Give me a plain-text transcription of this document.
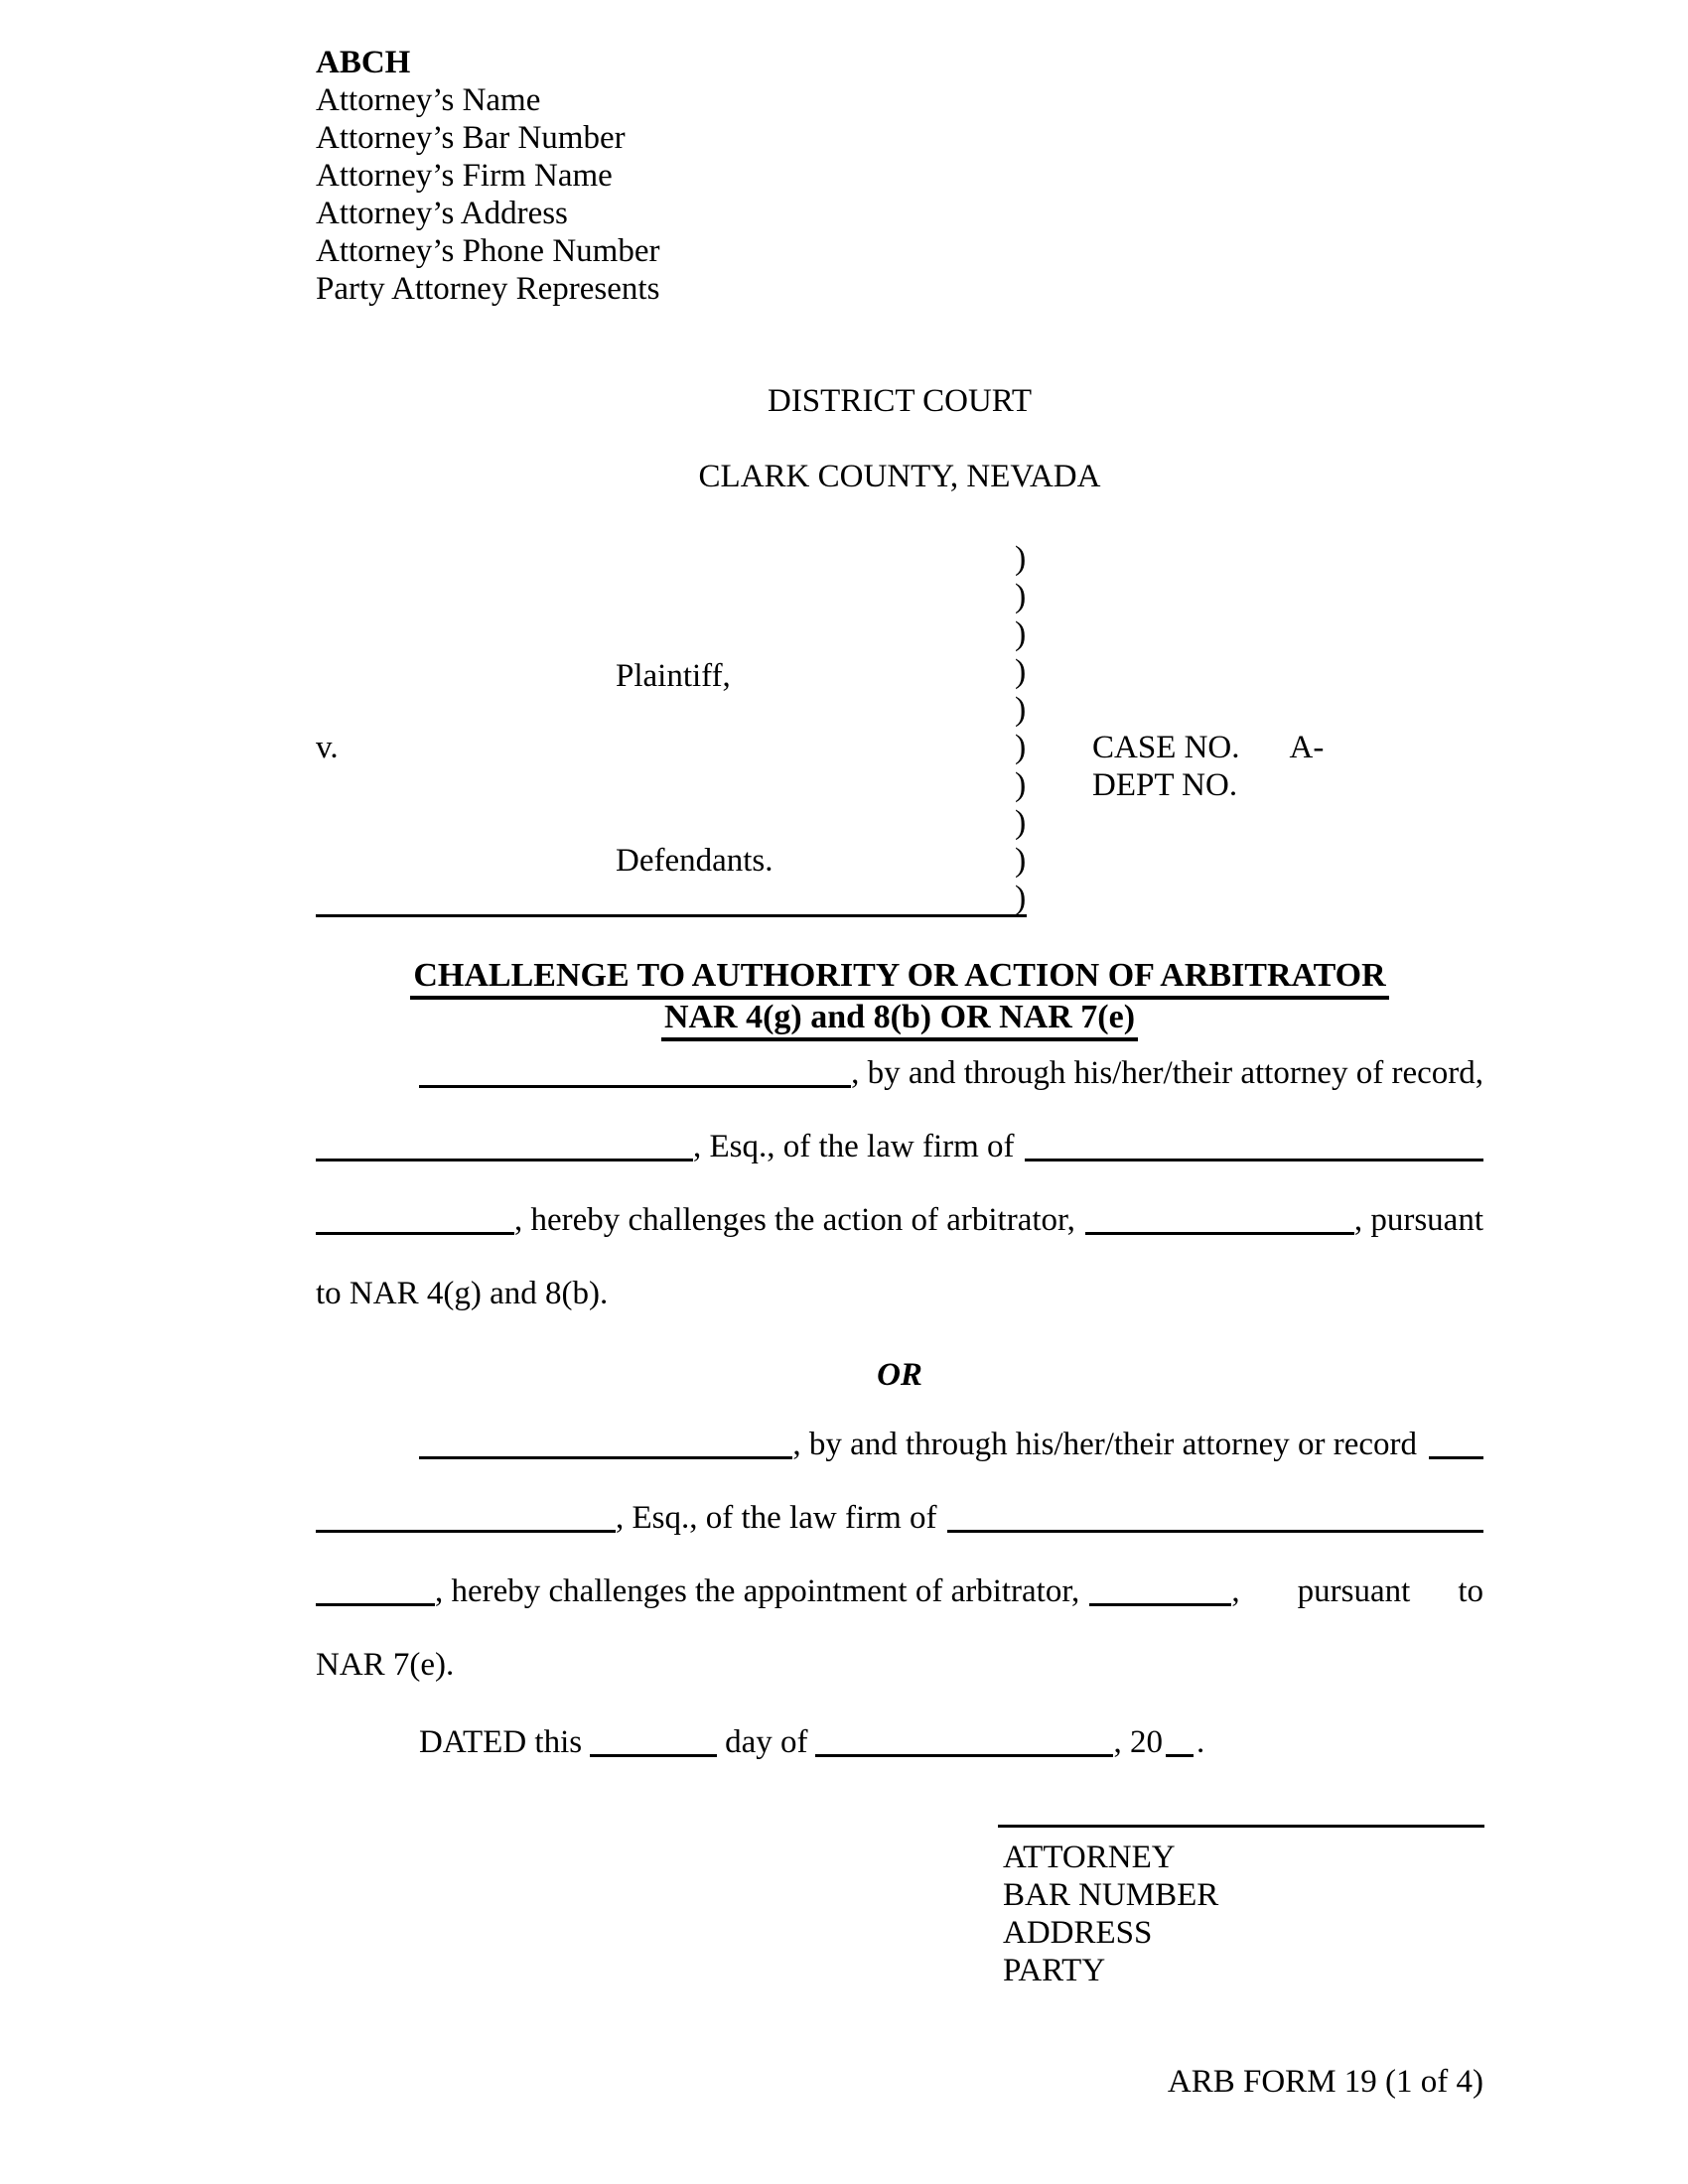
ABCH
Attorney’s Name
Attorney’s Bar Number
Attorney’s Firm Name
Attorney’s Address
Attorney’s Phone Number
Party Attorney Represents
DISTRICT COURT
CLARK COUNTY, NEVADA
)
)
)
)
)
)
)
)
)
)
Plaintiff,
v.	CASE NO. A-
DEPT NO.
Defendants.
CHALLENGE TO AUTHORITY OR ACTION OF ARBITRATOR
NAR 4(g) and 8(b) OR NAR 7(e)
, by and through his/her/their attorney of record,
, Esq., of the law firm of
, hereby challenges the action of arbitrator,	, pursuant
to NAR 4(g) and 8(b).
OR
, by and through his/her/their attorney or record
, Esq., of the law firm of
, hereby challenges the appointment of arbitrator,	, pursuant to
NAR 7(e).
DATED this	day of	, 20 .
ATTORNEY
BAR NUMBER
ADDRESS
PARTY
ARB FORM 19 (1 of 4)
